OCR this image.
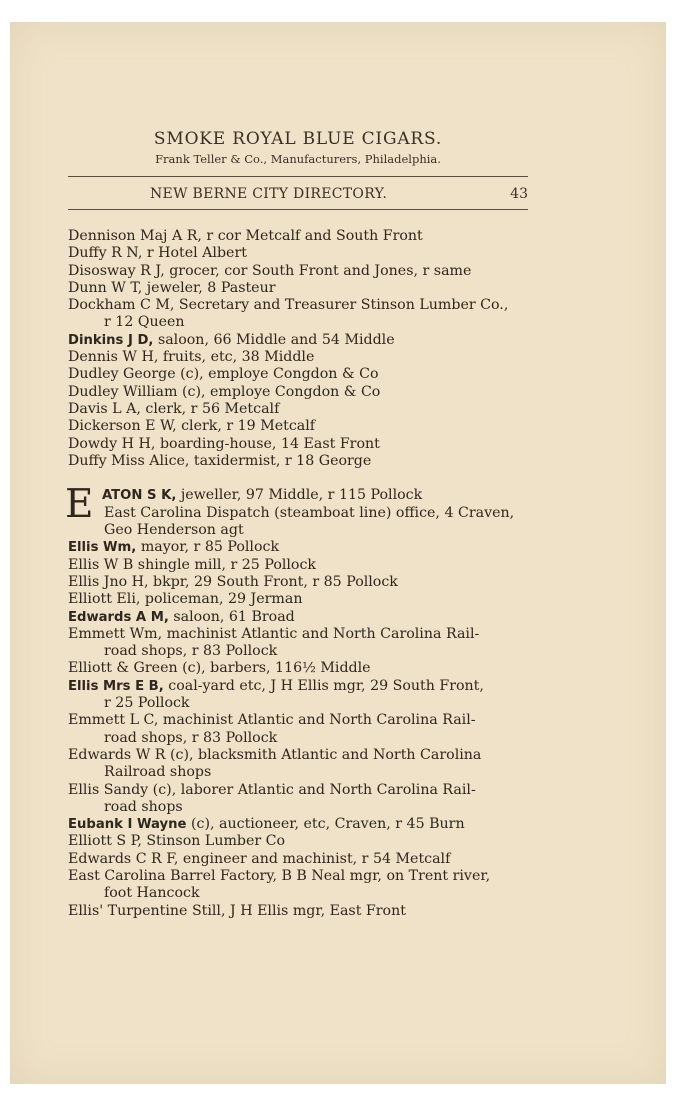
SMOKE ROYAL BLUE CIGARS.
Frank Teller & Co., Manufacturers, Philadelphia.
NEW BERNE CITY DIRECTORY.	43
Dennison Maj A R, r cor Metcalf and South Front
Duffy R N, r Hotel Albert
Disosway R J, grocer, cor South Front and Jones, r same
Dunn W T, jeweler, 8 Pasteur
Dockham C M, Secretary and Treasurer Stinson Lumber Co.,
r 12 Queen
Dinkins J D, saloon, 66 Middle and 54 Middle
Dennis W H, fruits, etc, 38 Middle
Dudley George (c), employe Congdon & Co
Dudley William (c), employe Congdon & Co
Davis L A, clerk, r 56 Metcalf
Dickerson E W, clerk, r 19 Metcalf
Dowdy H H, boarding-house, 14 East Front
Duffy Miss Alice, taxidermist, r 18 George
E ATON S K, jeweller, 97 Middle, r 115 Pollock
East Carolina Dispatch (steamboat line) office, 4 Craven,
Geo Henderson agt
Ellis Wm, mayor, r 85 Pollock
Ellis W B shingle mill, r 25 Pollock
Ellis Jno H, bkpr, 29 South Front, r 85 Pollock
Elliott Eli, policeman, 29 Jerman
Edwards A M, saloon, 61 Broad
Emmett Wm, machinist Atlantic and North Carolina Rail-
road shops, r 83 Pollock
Elliott & Green (c), barbers, 116½ Middle
Ellis Mrs E B, coal-yard etc, J H Ellis mgr, 29 South Front,
r 25 Pollock
Emmett L C, machinist Atlantic and North Carolina Rail-
road shops, r 83 Pollock
Edwards W R (c), blacksmith Atlantic and North Carolina
Railroad shops
Ellis Sandy (c), laborer Atlantic and North Carolina Rail-
road shops
Eubank I Wayne (c), auctioneer, etc, Craven, r 45 Burn
Elliott S P, Stinson Lumber Co
Edwards C R F, engineer and machinist, r 54 Metcalf
East Carolina Barrel Factory, B B Neal mgr, on Trent river,
foot Hancock
Ellis' Turpentine Still, J H Ellis mgr, East Front
